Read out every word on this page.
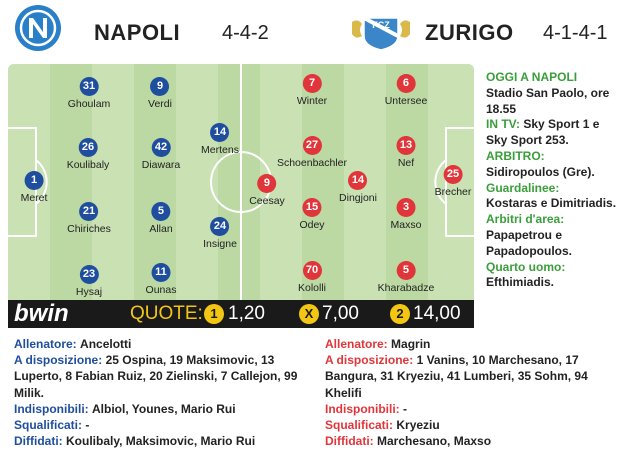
NAPOLI 4-4-2	FCZ ZURIGO 4-1-4-1
1
Meret
31
Ghoulam
26
Koulibaly
21
Chiriches
23
Hysaj
9
Verdi
42
Diawara
5
Allan
11
Ounas
14
Mertens
24
Insigne
25
Brecher
6
Untersee
13
Nef
3
Maxso
5
Kharabadze
14
Dingjoni
7
Winter
27
Schoenbachler
15
Odey
70
Kololli
9
Ceesay
bwin	QUOTE: 1 1,20	X 7,00	2 14,00
OGGI A NAPOLI
Stadio San Paolo, ore 18.55
IN TV: Sky Sport 1 e Sky Sport 253.
ARBITRO:
Sidiropoulos (Gre).
Guardalinee:
Kostaras e Dimitriadis.
Arbitri d'area:
Papapetrou e Papadopoulos.
Quarto uomo:
Efthimiadis.
Allenatore: Ancelotti
A disposizione: 25 Ospina, 19 Maksimovic, 13 Luperto, 8 Fabian Ruiz, 20 Zielinski, 7 Callejon, 99 Milik.
Indisponibili: Albiol, Younes, Mario Rui
Squalificati: -
Diffidati: Koulibaly, Maksimovic, Mario Rui
Allenatore: Magrin
A disposizione: 1 Vanins, 10 Marchesano, 17 Bangura, 31 Kryeziu, 41 Lumberi, 35 Sohm, 94 Khelifi
Indisponibili: -
Squalificati: Kryeziu
Diffidati: Marchesano, Maxso
